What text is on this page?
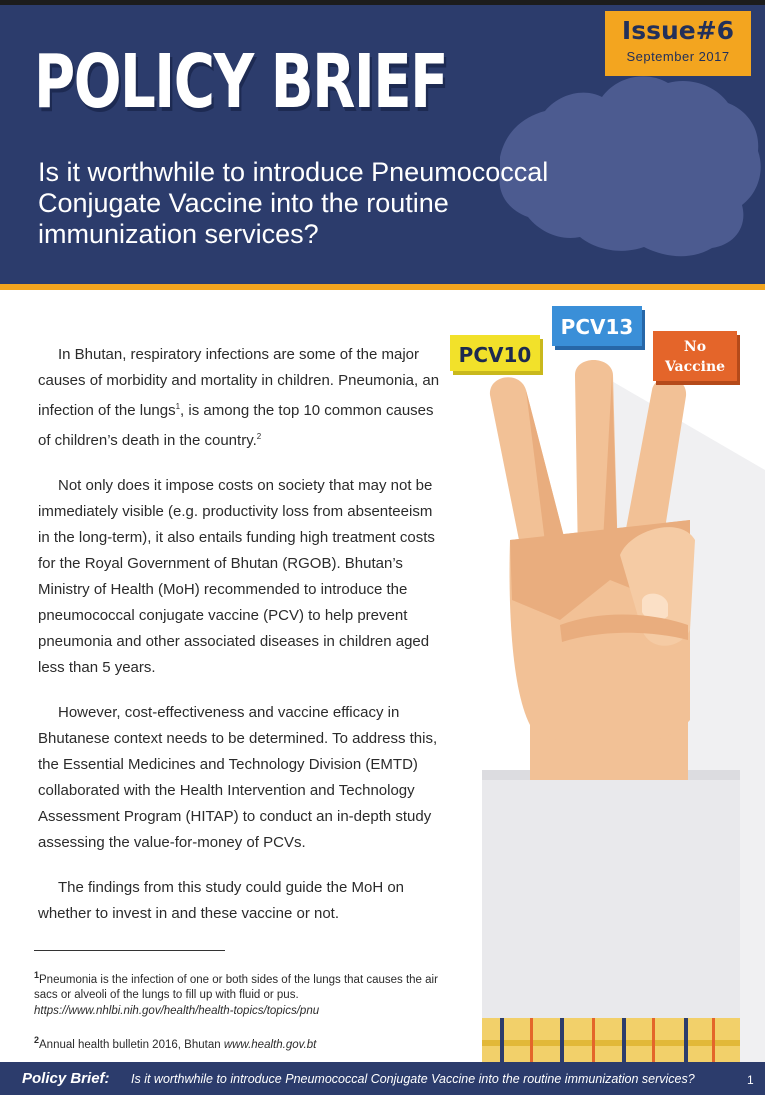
POLICY BRIEF
Is it worthwhile to introduce Pneumococcal Conjugate Vaccine into the routine immunization services?
Issue#6
September 2017

In Bhutan, respiratory infections are some of the major causes of morbidity and mortality in children. Pneumonia, an infection of the lungs$^1$, is among the top 10 common causes of children’s death in the country.$^2$

Not only does it impose costs on society that may not be immediately visible (e.g. productivity loss from absenteeism in the long-term), it also entails funding high treatment costs for the Royal Government of Bhutan (RGOB). Bhutan’s Ministry of Health (MoH) recommended to introduce the pneumococcal conjugate vaccine (PCV) to help prevent pneumonia and other associated diseases in children aged less than 5 years.

However, cost-effectiveness and vaccine efficacy in Bhutanese context needs to be determined. To address this, the Essential Medicines and Technology Division (EMTD) collaborated with the Health Intervention and Technology Assessment Program (HITAP) to conduct an in-depth study assessing the value-for-money of PCVs.

The findings from this study could guide the MoH on whether to invest in and these vaccine or not.

$^1$Pneumonia is the infection of one or both sides of the lungs that causes the air sacs or alveoli of the lungs to fill up with fluid or pus.
https://www.nhlbi.nih.gov/health/health-topics/topics/pnu

$^2$Annual health bulletin 2016, Bhutan www.health.gov.bt

PCV10
PCV13
No
Vaccine
Policy Brief: Is it worthwhile to introduce Pneumococcal Conjugate Vaccine into the routine immunization services?	1
